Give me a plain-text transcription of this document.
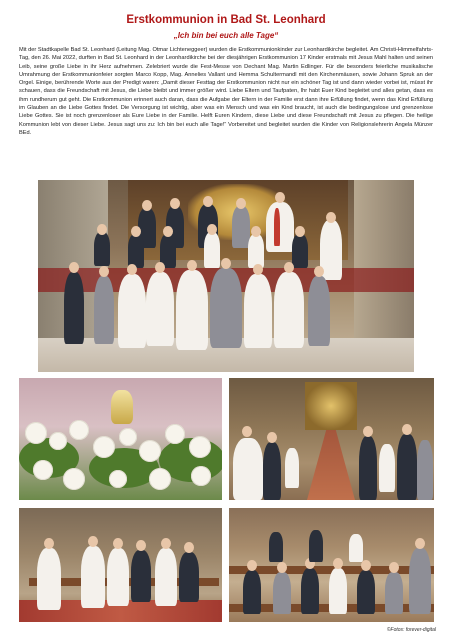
Erstkommunion in Bad St. Leonhard
„Ich bin bei euch alle Tage“
Mit der Stadtkapelle Bad St. Leonhard (Leitung Mag. Otmar Lichteneggeer) wurden die Erstkommunionkinder zur Leonhardikirche begleitet. Am Christi-Himmelfahrts-Tag, den 26. Mai 2022, durften in Bad St. Leonhard in der Leonhardikirche bei der diesjährigen Erstkommunion 17 Kinder erstmals mit Jesus Mahl halten und seinen Leib, seine große Liebe in ihr Herz aufnehmen. Zelebriert wurde die Fest-Messe von Dechant Mag. Martin Edlinger. Für die besonders feierliche musikalische Umrahmung der Erstkommunionfeier sorgten Marco Kopp, Mag. Annelies Vallant und Hemma Schultermandl mit den Kirchenmäusen, sowie Johann Spruk an der Orgel. Einige, berührende Worte aus der Predigt waren: „Damit dieser Festtag der Erstkommunion nicht nur ein schöner Tag ist und dann wieder vorbei ist, müsst ihr schauen, dass die Freundschaft mit Jesus, die Liebe bleibt und immer größer wird. Liebe Eltern und Taufpaten, Ihr habt Euer Kind begleitet und alles getan, dass es ihm rundherum gut geht. Die Erstkommunion erinnert auch daran, dass die Aufgabe der Eltern in der Familie erst dann ihre Erfüllung findet, wenn das Kind Erfüllung im Glauben an die Liebe Gottes findet. Die Versorgung ist wichtig, aber was ein Mensch und was ein Kind braucht, ist auch die bedingungslose und grenzenlose Liebe Gottes. Sie ist noch grenzenloser als Eure Liebe in der Familie. Helft Euren Kindern, diese Liebe und diese Freundschaft mit Jesus zu pflegen. Die heilige Kommunion lebt von dieser Liebe. Jesus sagt uns zu: Ich bin bei euch alle Tage!“ Vorbereitet und begleitet wurden die Kinder von Religionslehrerin Angela Münzer BEd.
©Fotos: forever-digital
